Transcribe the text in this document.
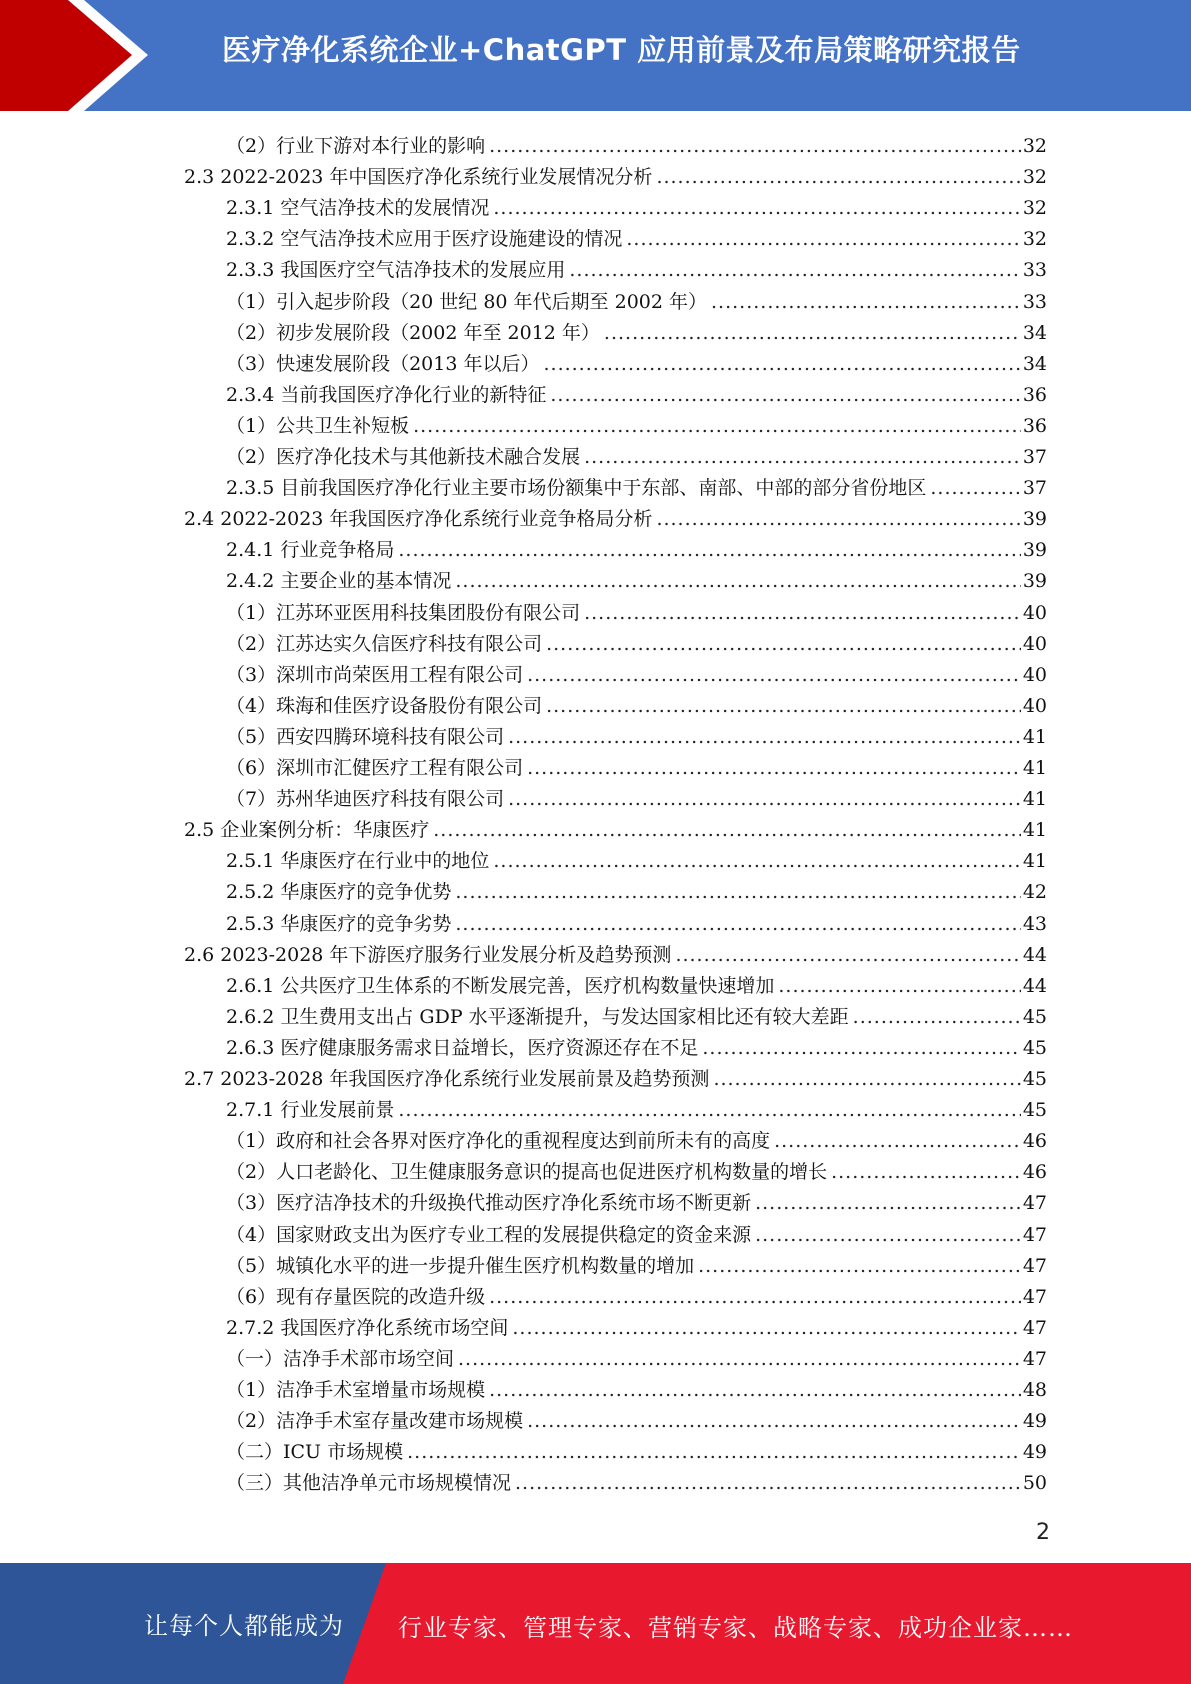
医疗净化系统企业+ChatGPT 应用前景及布局策略研究报告
（2）行业下游对本行业的影响 .....	32
2.3 2022-2023 年中国医疗净化系统行业发展情况分析 .....	32
2.3.1 空气洁净技术的发展情况 .....	32
2.3.2 空气洁净技术应用于医疗设施建设的情况 .....	32
2.3.3 我国医疗空气洁净技术的发展应用 .....	33
（1）引入起步阶段（20 世纪 80 年代后期至 2002 年） .....	33
（2）初步发展阶段（2002 年至 2012 年） .....	34
（3）快速发展阶段（2013 年以后） .....	34
2.3.4 当前我国医疗净化行业的新特征 .....	36
（1）公共卫生补短板 .....	36
（2）医疗净化技术与其他新技术融合发展 .....	37
2.3.5 目前我国医疗净化行业主要市场份额集中于东部、南部、中部的部分省份地区 .....	37
2.4 2022-2023 年我国医疗净化系统行业竞争格局分析 .....	39
2.4.1 行业竞争格局 .....	39
2.4.2 主要企业的基本情况 .....	39
（1）江苏环亚医用科技集团股份有限公司 .....	40
（2）江苏达实久信医疗科技有限公司 .....	40
（3）深圳市尚荣医用工程有限公司 .....	40
（4）珠海和佳医疗设备股份有限公司 .....	40
（5）西安四腾环境科技有限公司 .....	41
（6）深圳市汇健医疗工程有限公司 .....	41
（7）苏州华迪医疗科技有限公司 .....	41
2.5 企业案例分析：华康医疗 .....	41
2.5.1 华康医疗在行业中的地位 .....	41
2.5.2 华康医疗的竞争优势 .....	42
2.5.3 华康医疗的竞争劣势 .....	43
2.6 2023-2028 年下游医疗服务行业发展分析及趋势预测 .....	44
2.6.1 公共医疗卫生体系的不断发展完善，医疗机构数量快速增加 .....	44
2.6.2 卫生费用支出占 GDP 水平逐渐提升，与发达国家相比还有较大差距 .....	45
2.6.3 医疗健康服务需求日益增长，医疗资源还存在不足 .....	45
2.7 2023-2028 年我国医疗净化系统行业发展前景及趋势预测 .....	45
2.7.1 行业发展前景 .....	45
（1）政府和社会各界对医疗净化的重视程度达到前所未有的高度 .....	46
（2）人口老龄化、卫生健康服务意识的提高也促进医疗机构数量的增长 .....	46
（3）医疗洁净技术的升级换代推动医疗净化系统市场不断更新 .....	47
（4）国家财政支出为医疗专业工程的发展提供稳定的资金来源 .....	47
（5）城镇化水平的进一步提升催生医疗机构数量的增加 .....	47
（6）现有存量医院的改造升级 .....	47
2.7.2 我国医疗净化系统市场空间 .....	47
（一）洁净手术部市场空间 .....	47
（1）洁净手术室增量市场规模 .....	48
（2）洁净手术室存量改建市场规模 .....	49
（二）ICU 市场规模 .....	49
（三）其他洁净单元市场规模情况 .....	50
2
让每个人都能成为 行业专家、管理专家、营销专家、战略专家、成功企业家……
